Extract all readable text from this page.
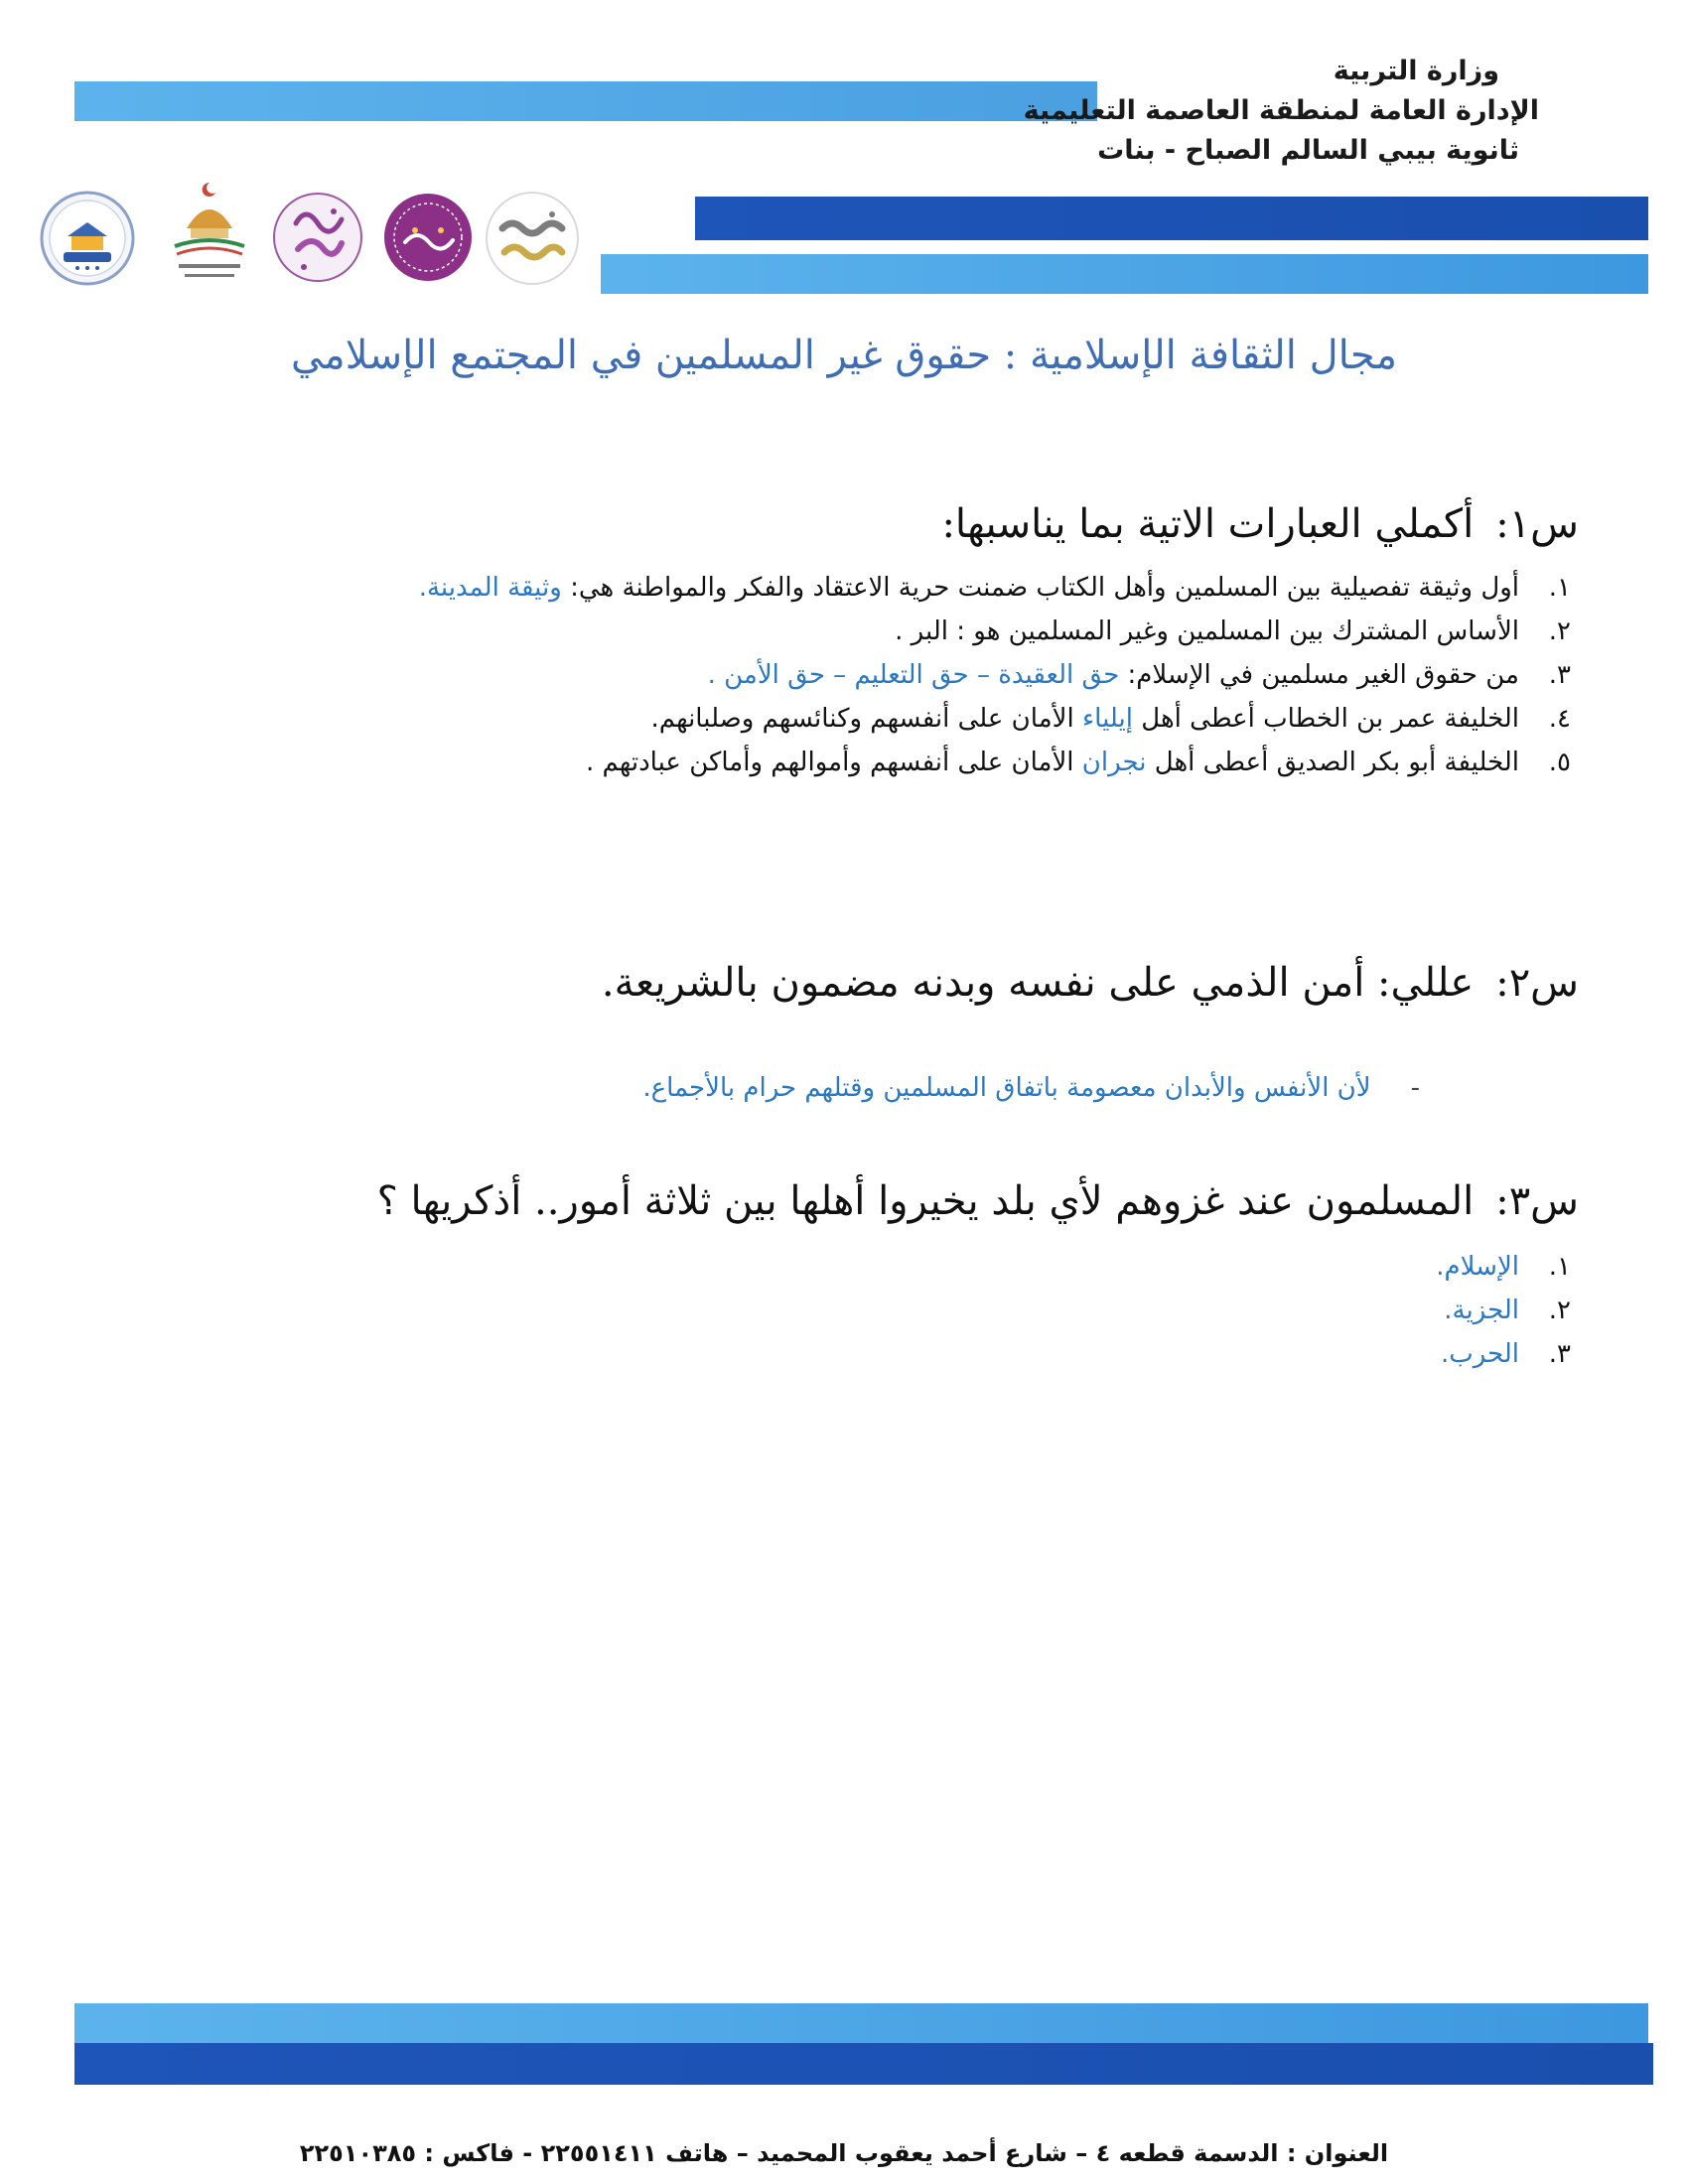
وزارة التربية
الإدارة العامة لمنطقة العاصمة التعليمية
ثانوية بيبي السالم الصباح - بنات
مجال الثقافة الإسلامية : حقوق غير المسلمين في المجتمع الإسلامي
س١:أكملي العبارات الاتية بما يناسبها:
١.
أول وثيقة تفصيلية بين المسلمين وأهل الكتاب ضمنت حرية الاعتقاد والفكر والمواطنة هي: وثيقة المدينة.
٢.
الأساس المشترك بين المسلمين وغير المسلمين هو : البر .
٣.
من حقوق الغير مسلمين في الإسلام: حق العقيدة – حق التعليم – حق الأمن .
٤.
الخليفة عمر بن الخطاب أعطى أهل إيلياء الأمان على أنفسهم وكنائسهم وصلبانهم.
٥.
الخليفة أبو بكر الصديق أعطى أهل نجران الأمان على أنفسهم وأموالهم وأماكن عبادتهم .
س٢:عللي: أمن الذمي على نفسه وبدنه مضمون بالشريعة.
-لأن الأنفس والأبدان معصومة باتفاق المسلمين وقتلهم حرام بالأجماع.
س٣:المسلمون عند غزوهم لأي بلد يخيروا أهلها بين ثلاثة أمور.. أذكريها ؟
١.
الإسلام.
٢.
الجزية.
٣.
الحرب.
العنوان : الدسمة قطعه ٤ – شارع أحمد يعقوب المحميد – هاتف ٢٢٥٥١٤١١ - فاكس : ٢٢٥١٠٣٨٥
